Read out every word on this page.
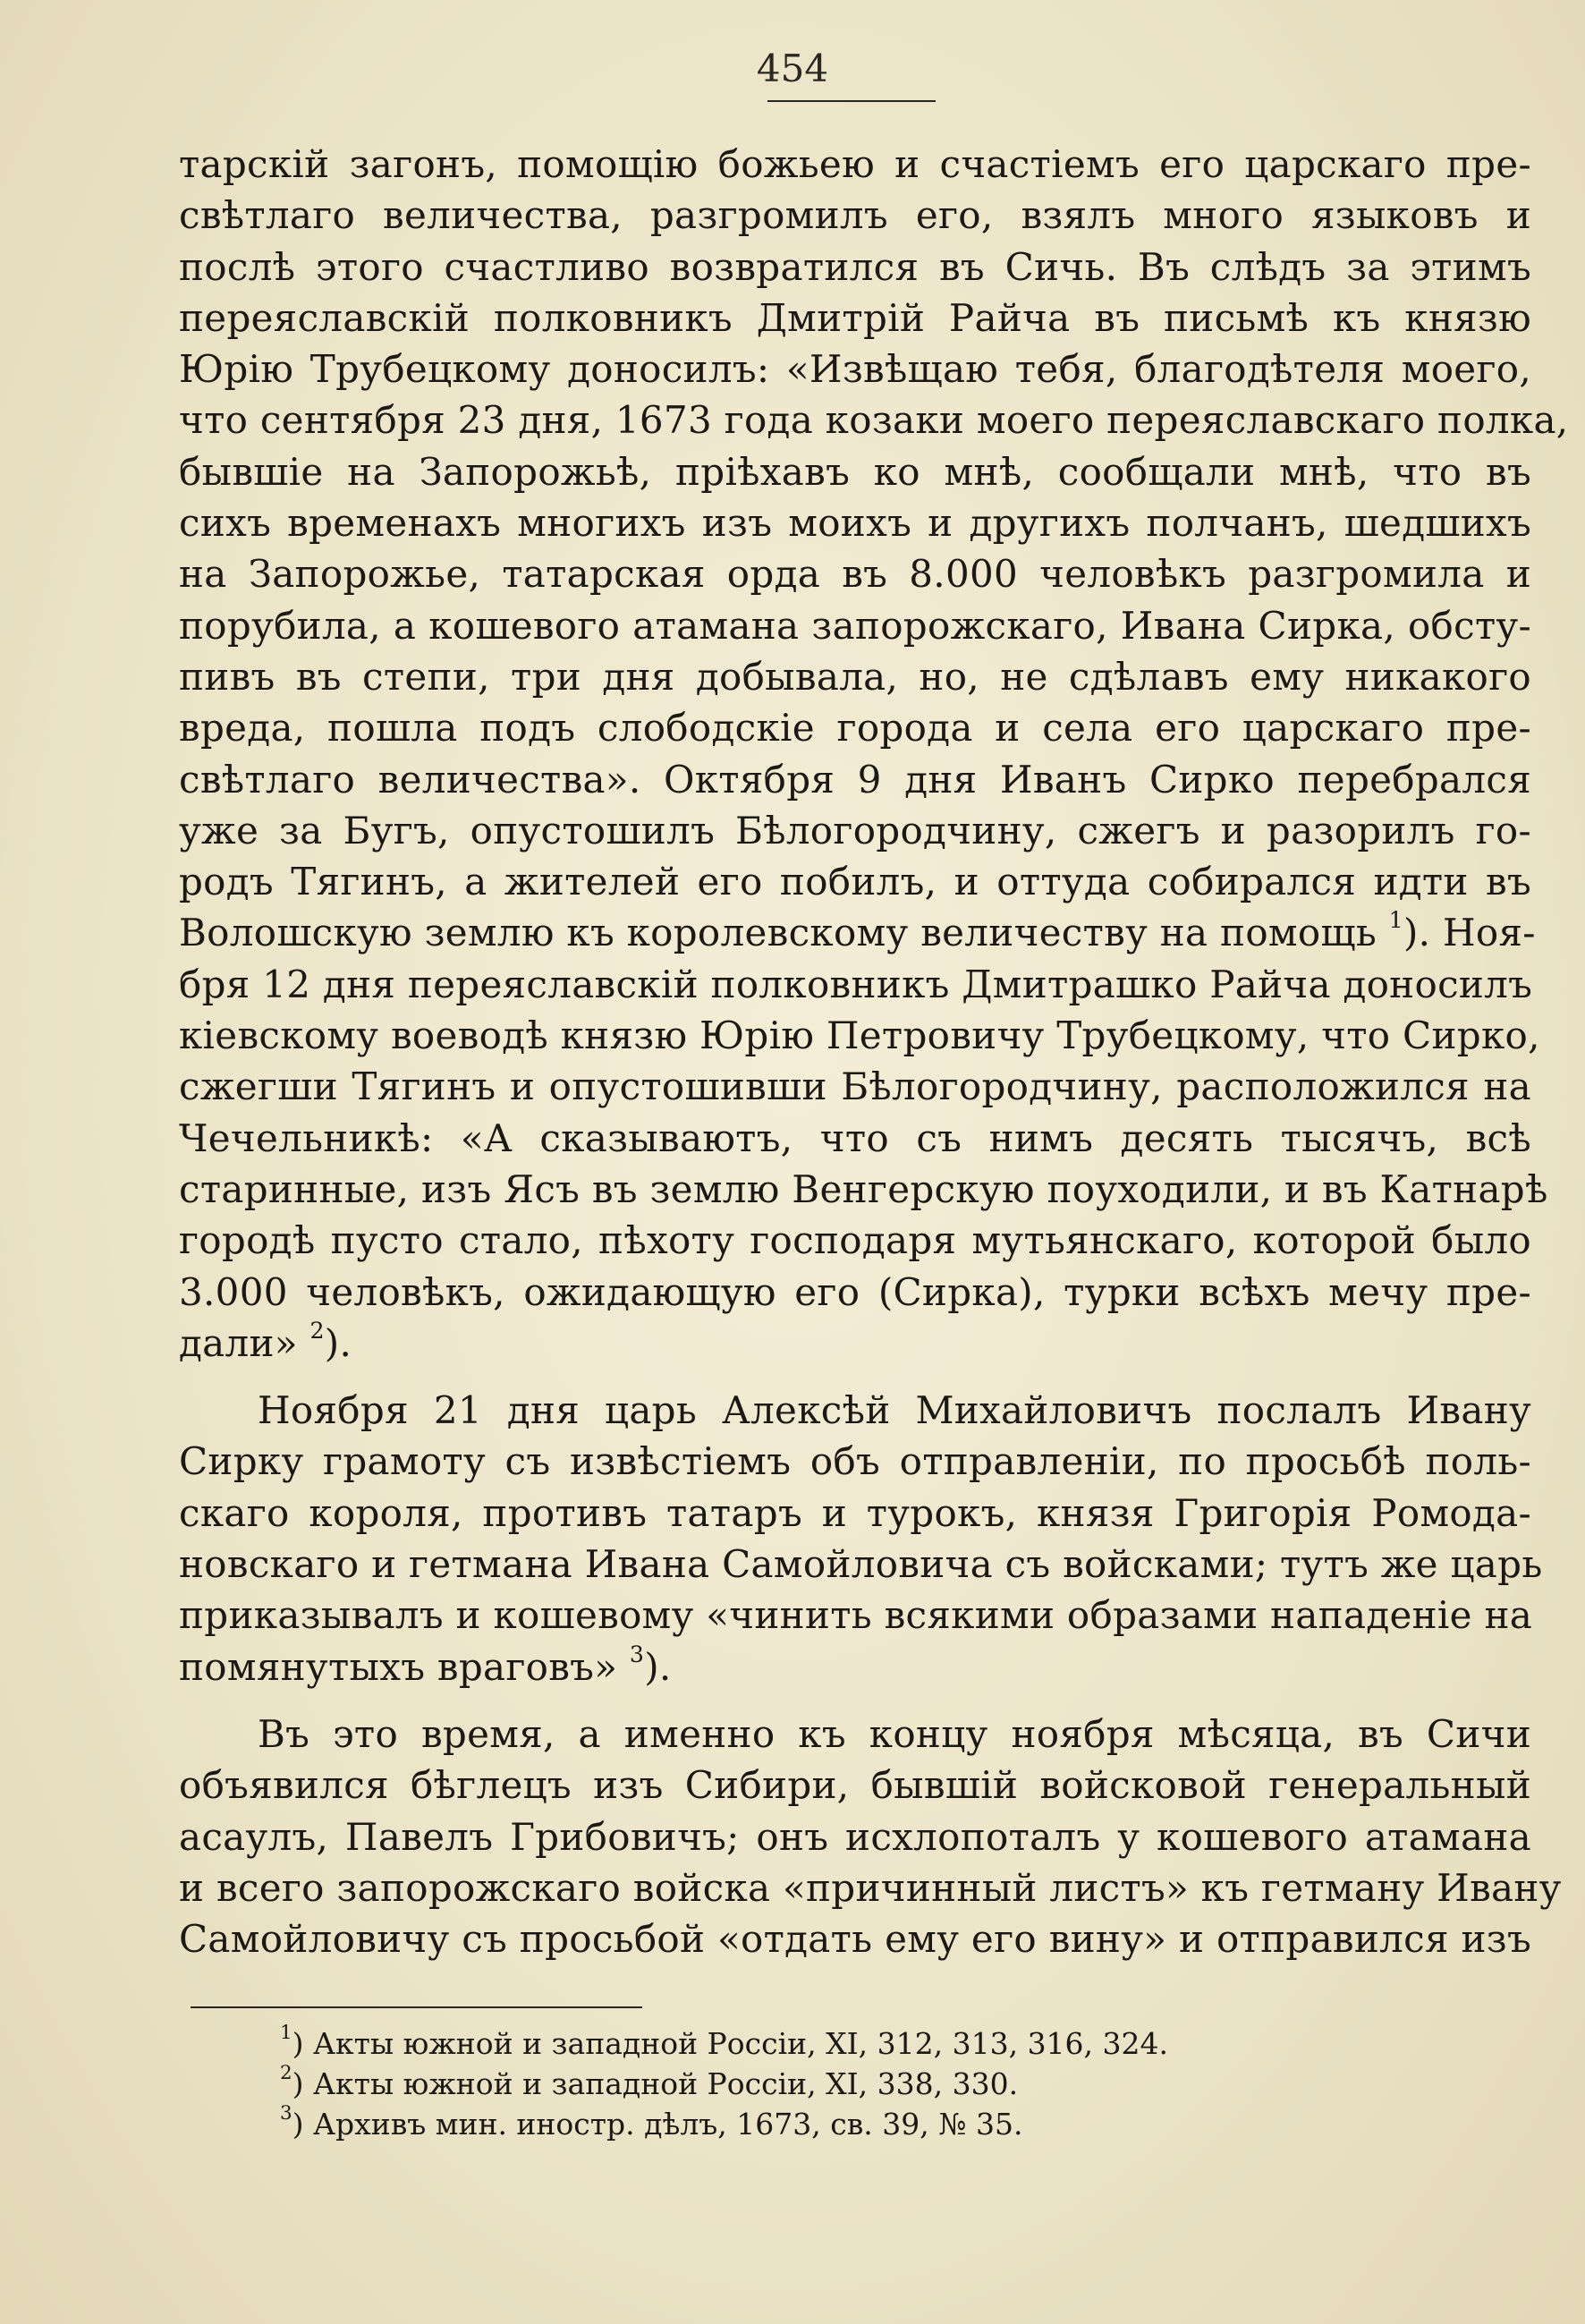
454
тарскій загонъ, помощію божьею и счастіемъ его царскаго пре-
свѣтлаго величества, разгромилъ его, взялъ много языковъ и
послѣ этого счастливо возвратился въ Сичь. Въ слѣдъ за этимъ
переяславскій полковникъ Дмитрій Райча въ письмѣ къ князю
Юрію Трубецкому доносилъ: «Извѣщаю тебя, благодѣтеля моего,
что сентября 23 дня, 1673 года козаки моего переяславскаго полка,
бывшіе на Запорожьѣ, пріѣхавъ ко мнѣ, сообщали мнѣ, что въ
сихъ временахъ многихъ изъ моихъ и другихъ полчанъ, шедшихъ
на Запорожье, татарская орда въ 8.000 человѣкъ разгромила и
порубила, а кошевого атамана запорожскаго, Ивана Сирка, обсту-
пивъ въ степи, три дня добывала, но, не сдѣлавъ ему никакого
вреда, пошла подъ слободскіе города и села его царскаго пре-
свѣтлаго величества». Октября 9 дня Иванъ Сирко перебрался
уже за Бугъ, опустошилъ Бѣлогородчину, сжегъ и разорилъ го-
родъ Тягинъ, а жителей его побилъ, и оттуда собирался идти въ
Волошскую землю къ королевскому величеству на помощь $^1$). Ноя-
бря 12 дня переяславскій полковникъ Дмитрашко Райча доносилъ
кіевскому воеводѣ князю Юрію Петровичу Трубецкому, что Сирко,
сжегши Тягинъ и опустошивши Бѣлогородчину, расположился на
Чечельникѣ: «А сказываютъ, что съ нимъ десять тысячъ, всѣ
старинные, изъ Ясъ въ землю Венгерскую поуходили, и въ Катнарѣ
городѣ пусто стало, пѣхоту господаря мутьянскаго, которой было
3.000 человѣкъ, ожидающую его (Сирка), турки всѣхъ мечу пре-
дали» $^2$).
Ноября 21 дня царь Алексѣй Михайловичъ послалъ Ивану
Сирку грамоту съ извѣстіемъ объ отправленіи, по просьбѣ поль-
скаго короля, противъ татаръ и турокъ, князя Григорія Ромода-
новскаго и гетмана Ивана Самойловича съ войсками; тутъ же царь
приказывалъ и кошевому «чинить всякими образами нападеніе на
помянутыхъ враговъ» $^3$).
Въ это время, а именно къ концу ноября мѣсяца, въ Сичи
объявился бѣглецъ изъ Сибири, бывшій войсковой генеральный
асаулъ, Павелъ Грибовичъ; онъ исхлопоталъ у кошевого атамана
и всего запорожскаго войска «причинный листъ» къ гетману Ивану
Самойловичу съ просьбой «отдать ему его вину» и отправился изъ
$^1$) Акты южной и западной Россіи, XI, 312, 313, 316, 324.
$^2$) Акты южной и западной Россіи, XI, 338, 330.
$^3$) Архивъ мин. иностр. дѣлъ, 1673, св. 39, № 35.
